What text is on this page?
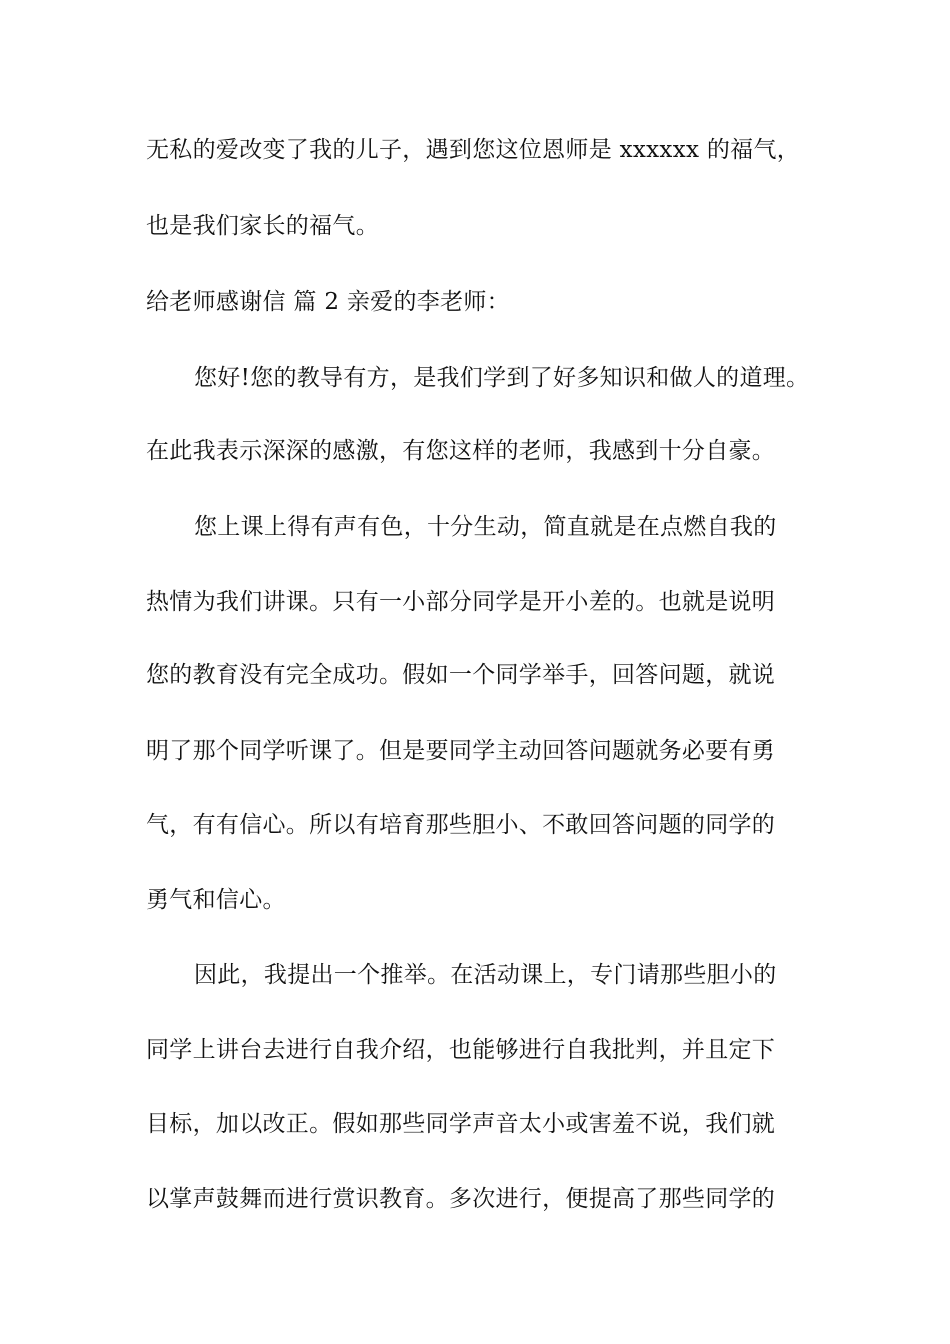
无私的爱改变了我的儿子，遇到您这位恩师是 xxxxxx 的福气，
也是我们家长的福气。
给老师感谢信 篇 2 亲爱的李老师：
您好!您的教导有方，是我们学到了好多知识和做人的道理。
在此我表示深深的感激，有您这样的老师，我感到十分自豪。
您上课上得有声有色，十分生动，简直就是在点燃自我的
热情为我们讲课。只有一小部分同学是开小差的。也就是说明
您的教育没有完全成功。假如一个同学举手，回答问题，就说
明了那个同学听课了。但是要同学主动回答问题就务必要有勇
气，有有信心。所以有培育那些胆小、不敢回答问题的同学的
勇气和信心。
因此，我提出一个推举。在活动课上，专门请那些胆小的
同学上讲台去进行自我介绍，也能够进行自我批判，并且定下
目标，加以改正。假如那些同学声音太小或害羞不说，我们就
以掌声鼓舞而进行赏识教育。多次进行，便提高了那些同学的
